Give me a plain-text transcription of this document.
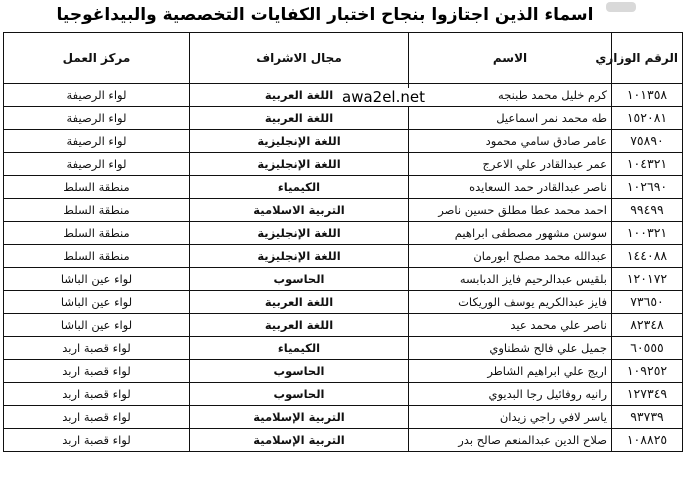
اسماء الذين اجتازوا بنجاح اختبار الكفايات التخصصية والبيداغوجيا
الرقم الوزاري	الاسم	مجال الاشراف	مركز العمل
١٠١٣٥٨	كرم خليل محمد طبنجه	اللغة العربية	لواء الرصيفة
١٥٢٠٨١	طه محمد نمر اسماعيل	اللغة العربية	لواء الرصيفة
٧٥٨٩٠	عامر صادق سامي محمود	اللغة الإنجليزية	لواء الرصيفة
١٠٤٣٢١	عمر عبدالقادر علي الاعرج	اللغة الإنجليزية	لواء الرصيفة
١٠٢٦٩٠	ناصر عبدالقادر حمد السعايده	الكيمياء	منطقة السلط
٩٩٤٩٩	احمد محمد عطا مطلق حسين ناصر	التربية الاسلامية	منطقة السلط
١٠٠٣٢١	سوسن مشهور مصطفى ابراهيم	اللغة الإنجليزية	منطقة السلط
١٤٤٠٨٨	عبدالله محمد مصلح ابورمان	اللغة الإنجليزية	منطقة السلط
١٢٠١٧٢	بلقيس عبدالرحيم فايز الدبابسه	الحاسوب	لواء عين الباشا
٧٣٦٥٠	فايز عبدالكريم يوسف الوريكات	اللغة العربية	لواء عين الباشا
٨٢٣٤٨	ناصر علي محمد عيد	اللغة العربية	لواء عين الباشا
٦٠٥٥٥	جميل علي فالح شطناوي	الكيمياء	لواء قصبة اربد
١٠٩٢٥٢	اريج علي ابراهيم الشاطر	الحاسوب	لواء قصبة اربد
١٢٧٣٤٩	رانيه روفائيل رجا البديوي	الحاسوب	لواء قصبة اربد
٩٣٧٣٩	ياسر لافي راجي زيدان	التربية الإسلامية	لواء قصبة اربد
١٠٨٨٢٥	صلاح الدين عبدالمنعم صالح بدر	التربية الإسلامية	لواء قصبة اربد
awa2el.net
